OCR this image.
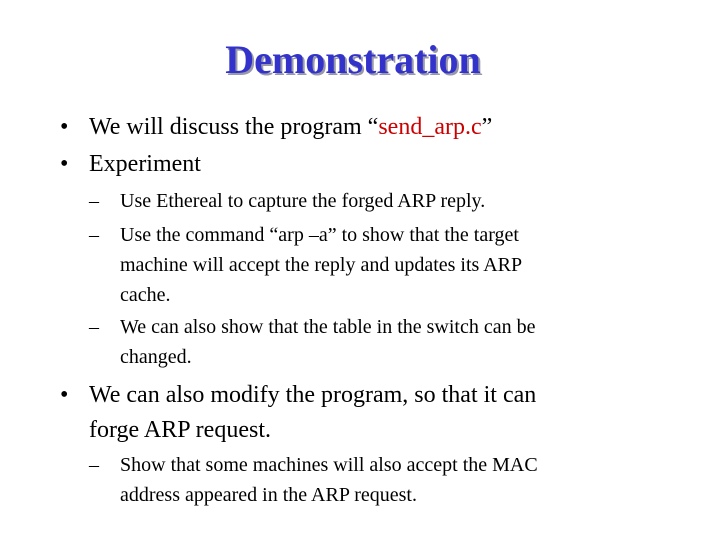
Demonstration
• We will discuss the program “send_arp.c”
• Experiment
– Use Ethereal to capture the forged ARP reply.
– Use the command “arp –a” to show that the target
machine will accept the reply and updates its ARP
cache.
– We can also show that the table in the switch can be
changed.
• We can also modify the program, so that it can
forge ARP request.
– Show that some machines will also accept the MAC
address appeared in the ARP request.
